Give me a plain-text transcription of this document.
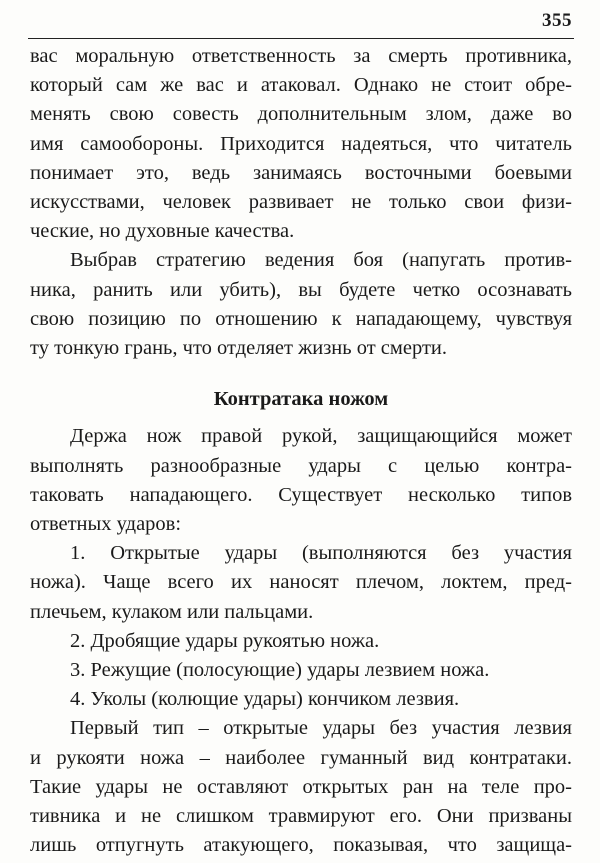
355

вас моральную ответственность за смерть противника,
который сам же вас и атаковал. Однако не стоит обре-
менять свою совесть дополнительным злом, даже во
имя самообороны. Приходится надеяться, что читатель
понимает это, ведь занимаясь восточными боевыми
искусствами, человек развивает не только свои физи-
ческие, но духовные качества.

Выбрав стратегию ведения боя (напугать против-
ника, ранить или убить), вы будете четко осознавать
свою позицию по отношению к нападающему, чувствуя
ту тонкую грань, что отделяет жизнь от смерти.

Контратака ножом

Держа нож правой рукой, защищающийся может
выполнять разнообразные удары с целью контра-
таковать нападающего. Существует несколько типов
ответных ударов:

1. Открытые удары (выполняются без участия
ножа). Чаще всего их наносят плечом, локтем, пред-
плечьем, кулаком или пальцами.

2. Дробящие удары рукоятью ножа.

3. Режущие (полосующие) удары лезвием ножа.

4. Уколы (колющие удары) кончиком лезвия.

Первый тип – открытые удары без участия лезвия
и рукояти ножа – наиболее гуманный вид контратаки.
Такие удары не оставляют открытых ран на теле про-
тивника и не слишком травмируют его. Они призваны
лишь отпугнуть атакующего, показывая, что защища-
